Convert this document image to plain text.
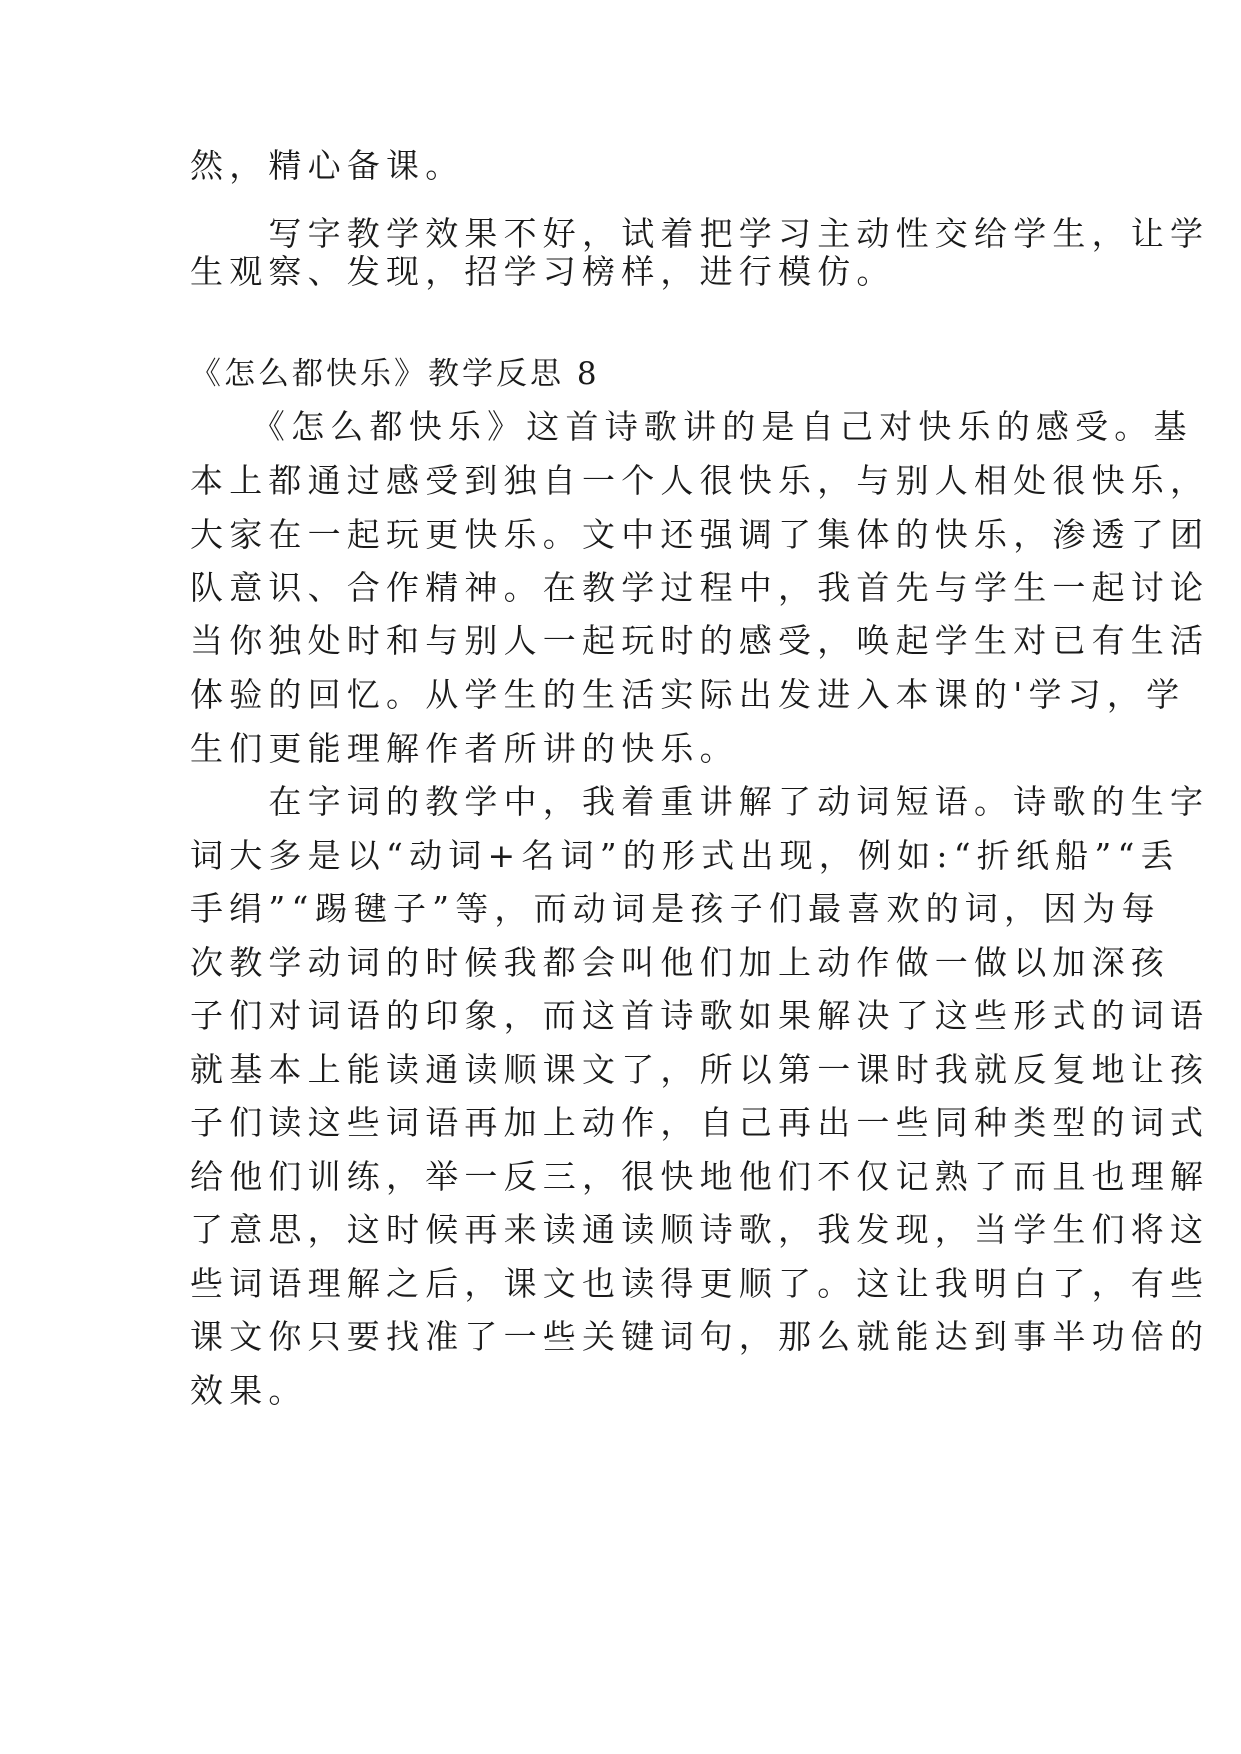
然，精心备课。
　　写字教学效果不好，试着把学习主动性交给学生，让学
生观察、发现，招学习榜样，进行模仿。
《怎么都快乐》教学反思 8
　　《怎么都快乐》这首诗歌讲的是自己对快乐的感受。基
本上都通过感受到独自一个人很快乐，与别人相处很快乐，
大家在一起玩更快乐。文中还强调了集体的快乐，渗透了团
队意识、合作精神。在教学过程中，我首先与学生一起讨论
当你独处时和与别人一起玩时的感受，唤起学生对已有生活
体验的回忆。从学生的生活实际出发进入本课的'学习，学
生们更能理解作者所讲的快乐。
　　在字词的教学中，我着重讲解了动词短语。诗歌的生字
词大多是以“动词+名词”的形式出现，例如:“折纸船”“丢
手绢”“踢毽子”等，而动词是孩子们最喜欢的词，因为每
次教学动词的时候我都会叫他们加上动作做一做以加深孩
子们对词语的印象，而这首诗歌如果解决了这些形式的词语
就基本上能读通读顺课文了，所以第一课时我就反复地让孩
子们读这些词语再加上动作，自己再出一些同种类型的词式
给他们训练，举一反三，很快地他们不仅记熟了而且也理解
了意思，这时候再来读通读顺诗歌，我发现，当学生们将这
些词语理解之后，课文也读得更顺了。这让我明白了，有些
课文你只要找准了一些关键词句，那么就能达到事半功倍的
效果。
